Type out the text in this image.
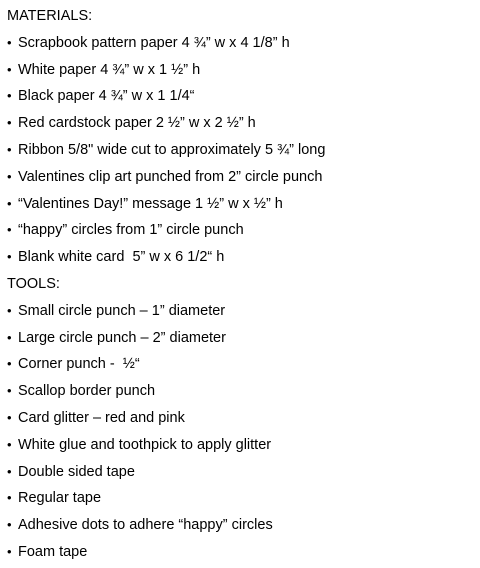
MATERIALS:
• Scrapbook pattern paper 4 ¾” w x 4 1/8” h
• White paper 4 ¾” w x 1 ½” h
• Black paper 4 ¾” w x 1 1/4“
• Red cardstock paper 2 ½” w x 2 ½” h
• Ribbon 5/8" wide cut to approximately 5 ¾” long
• Valentines clip art punched from 2” circle punch
• “Valentines Day!” message 1 ½” w x ½” h
• “happy” circles from 1” circle punch
• Blank white card  5” w x 6 1/2“ h
TOOLS:
• Small circle punch – 1” diameter
• Large circle punch – 2” diameter
• Corner punch -  ½“
• Scallop border punch
• Card glitter – red and pink
• White glue and toothpick to apply glitter
• Double sided tape
• Regular tape
• Adhesive dots to adhere “happy” circles
• Foam tape
